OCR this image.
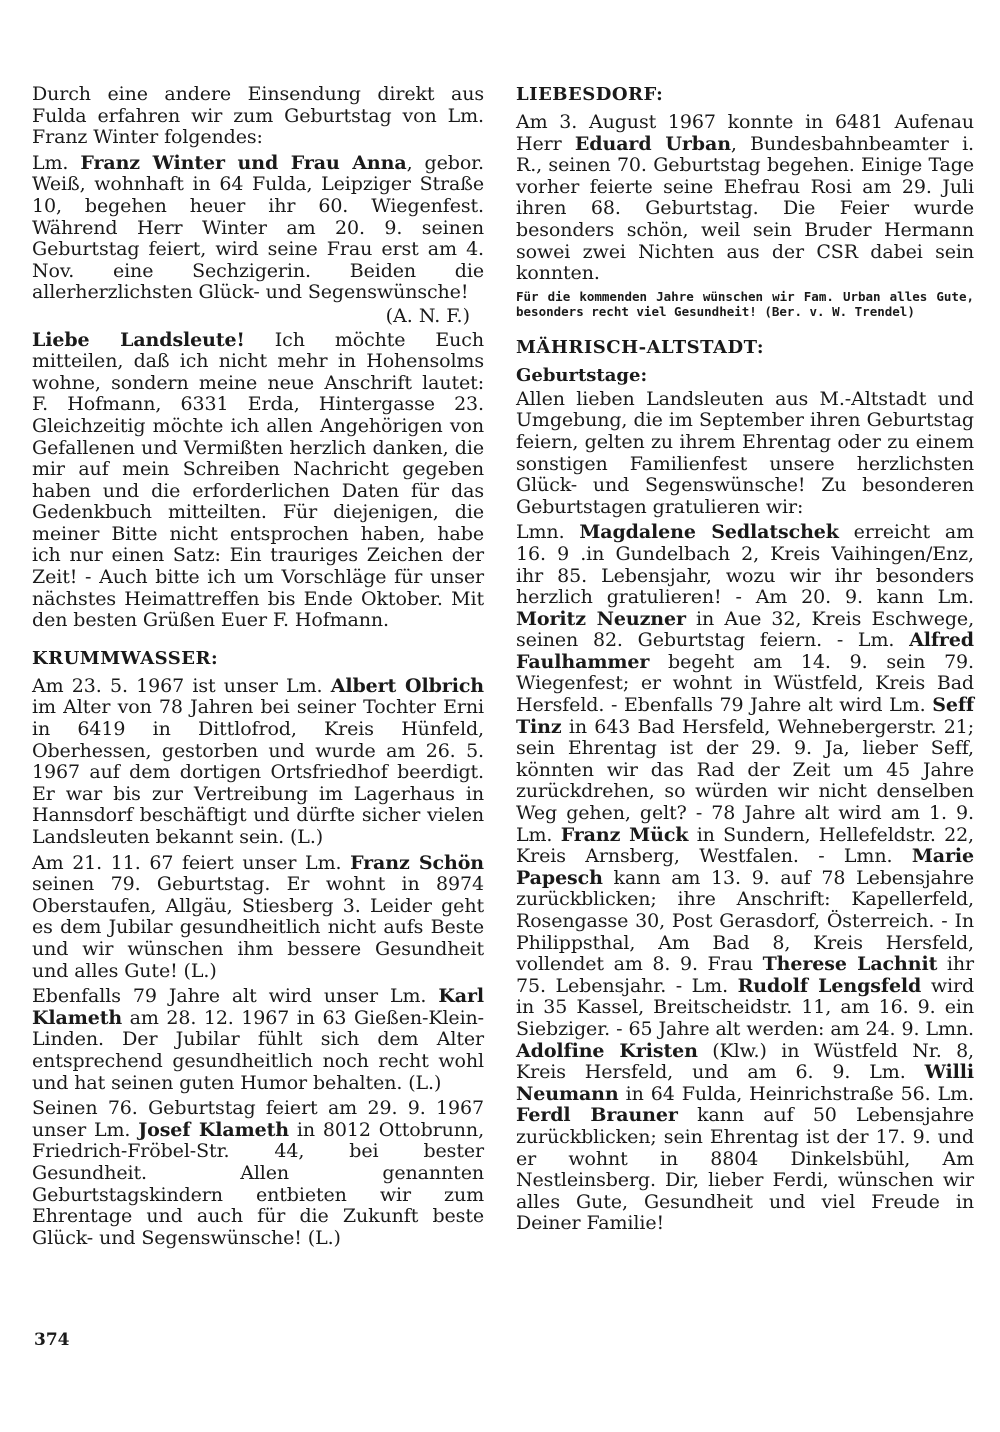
Durch eine andere Einsendung direkt aus Fulda erfahren wir zum Geburtstag von Lm. Franz Winter folgendes:

Lm. Franz Winter und Frau Anna, gebor. Weiß, wohnhaft in 64 Fulda, Leipziger Straße 10, begehen heuer ihr 60. Wiegenfest. Während Herr Winter am 20. 9. seinen Geburtstag feiert, wird seine Frau erst am 4. Nov. eine Sechzigerin. Beiden die allerherzlichsten Glück- und Segenswünsche!

(A. N. F.)

Liebe Landsleute! Ich möchte Euch mitteilen, daß ich nicht mehr in Hohensolms wohne, sondern meine neue Anschrift lautet: F. Hofmann, 6331 Erda, Hintergasse 23. Gleichzeitig möchte ich allen Angehörigen von Gefallenen und Vermißten herzlich danken, die mir auf mein Schreiben Nachricht gegeben haben und die erforderlichen Daten für das Gedenkbuch mitteilten. Für diejenigen, die meiner Bitte nicht entsprochen haben, habe ich nur einen Satz: Ein trauriges Zeichen der Zeit! - Auch bitte ich um Vorschläge für unser nächstes Heimattreffen bis Ende Oktober. Mit den besten Grüßen Euer F. Hofmann.

KRUMMWASSER:

Am 23. 5. 1967 ist unser Lm. Albert Olbrich im Alter von 78 Jahren bei seiner Tochter Erni in 6419 in Dittlofrod, Kreis Hünfeld, Oberhessen, gestorben und wurde am 26. 5. 1967 auf dem dortigen Ortsfriedhof beerdigt. Er war bis zur Vertreibung im Lagerhaus in Hannsdorf beschäftigt und dürfte sicher vielen Landsleuten bekannt sein. (L.)

Am 21. 11. 67 feiert unser Lm. Franz Schön seinen 79. Geburtstag. Er wohnt in 8974 Oberstaufen, Allgäu, Stiesberg 3. Leider geht es dem Jubilar gesundheitlich nicht aufs Beste und wir wünschen ihm bessere Gesundheit und alles Gute! (L.)

Ebenfalls 79 Jahre alt wird unser Lm. Karl Klameth am 28. 12. 1967 in 63 Gießen-Klein-Linden. Der Jubilar fühlt sich dem Alter entsprechend gesundheitlich noch recht wohl und hat seinen guten Humor behalten. (L.)

Seinen 76. Geburtstag feiert am 29. 9. 1967 unser Lm. Josef Klameth in 8012 Ottobrunn, Friedrich-Fröbel-Str. 44, bei bester Gesundheit. Allen genannten Geburtstagskindern entbieten wir zum Ehrentage und auch für die Zukunft beste Glück- und Segenswünsche! (L.)

LIEBESDORF:

Am 3. August 1967 konnte in 6481 Aufenau Herr Eduard Urban, Bundesbahnbeamter i. R., seinen 70. Geburtstag begehen. Einige Tage vorher feierte seine Ehefrau Rosi am 29. Juli ihren 68. Geburtstag. Die Feier wurde besonders schön, weil sein Bruder Hermann sowei zwei Nichten aus der CSR dabei sein konnten.

Für die kommenden Jahre wünschen wir Fam. Urban alles Gute, besonders recht viel Gesundheit! (Ber. v. W. Trendel)

MÄHRISCH-ALTSTADT:
Geburtstage:

Allen lieben Landsleuten aus M.-Altstadt und Umgebung, die im September ihren Geburtstag feiern, gelten zu ihrem Ehrentag oder zu einem sonstigen Familienfest unsere herzlichsten Glück- und Segenswünsche! Zu besonderen Geburtstagen gratulieren wir:

Lmn. Magdalene Sedlatschek erreicht am 16. 9 .in Gundelbach 2, Kreis Vaihingen/Enz, ihr 85. Lebensjahr, wozu wir ihr besonders herzlich gratulieren! - Am 20. 9. kann Lm. Moritz Neuzner in Aue 32, Kreis Eschwege, seinen 82. Geburtstag feiern. - Lm. Alfred Faulhammer begeht am 14. 9. sein 79. Wiegenfest; er wohnt in Wüstfeld, Kreis Bad Hersfeld. - Ebenfalls 79 Jahre alt wird Lm. Seff Tinz in 643 Bad Hersfeld, Wehnebergerstr. 21; sein Ehrentag ist der 29. 9. Ja, lieber Seff, könnten wir das Rad der Zeit um 45 Jahre zurückdrehen, so würden wir nicht denselben Weg gehen, gelt? - 78 Jahre alt wird am 1. 9. Lm. Franz Mück in Sundern, Hellefeldstr. 22, Kreis Arnsberg, Westfalen. - Lmn. Marie Papesch kann am 13. 9. auf 78 Lebensjahre zurückblicken; ihre Anschrift: Kapellerfeld, Rosengasse 30, Post Gerasdorf, Österreich. - In Philippsthal, Am Bad 8, Kreis Hersfeld, vollendet am 8. 9. Frau Therese Lachnit ihr 75. Lebensjahr. - Lm. Rudolf Lengsfeld wird in 35 Kassel, Breitscheidstr. 11, am 16. 9. ein Siebziger. - 65 Jahre alt werden: am 24. 9. Lmn. Adolfine Kristen (Klw.) in Wüstfeld Nr. 8, Kreis Hersfeld, und am 6. 9. Lm. Willi Neumann in 64 Fulda, Heinrichstraße 56. Lm. Ferdl Brauner kann auf 50 Lebensjahre zurückblicken; sein Ehrentag ist der 17. 9. und er wohnt in 8804 Dinkelsbühl, Am Nestleinsberg. Dir, lieber Ferdi, wünschen wir alles Gute, Gesundheit und viel Freude in Deiner Familie!

374
